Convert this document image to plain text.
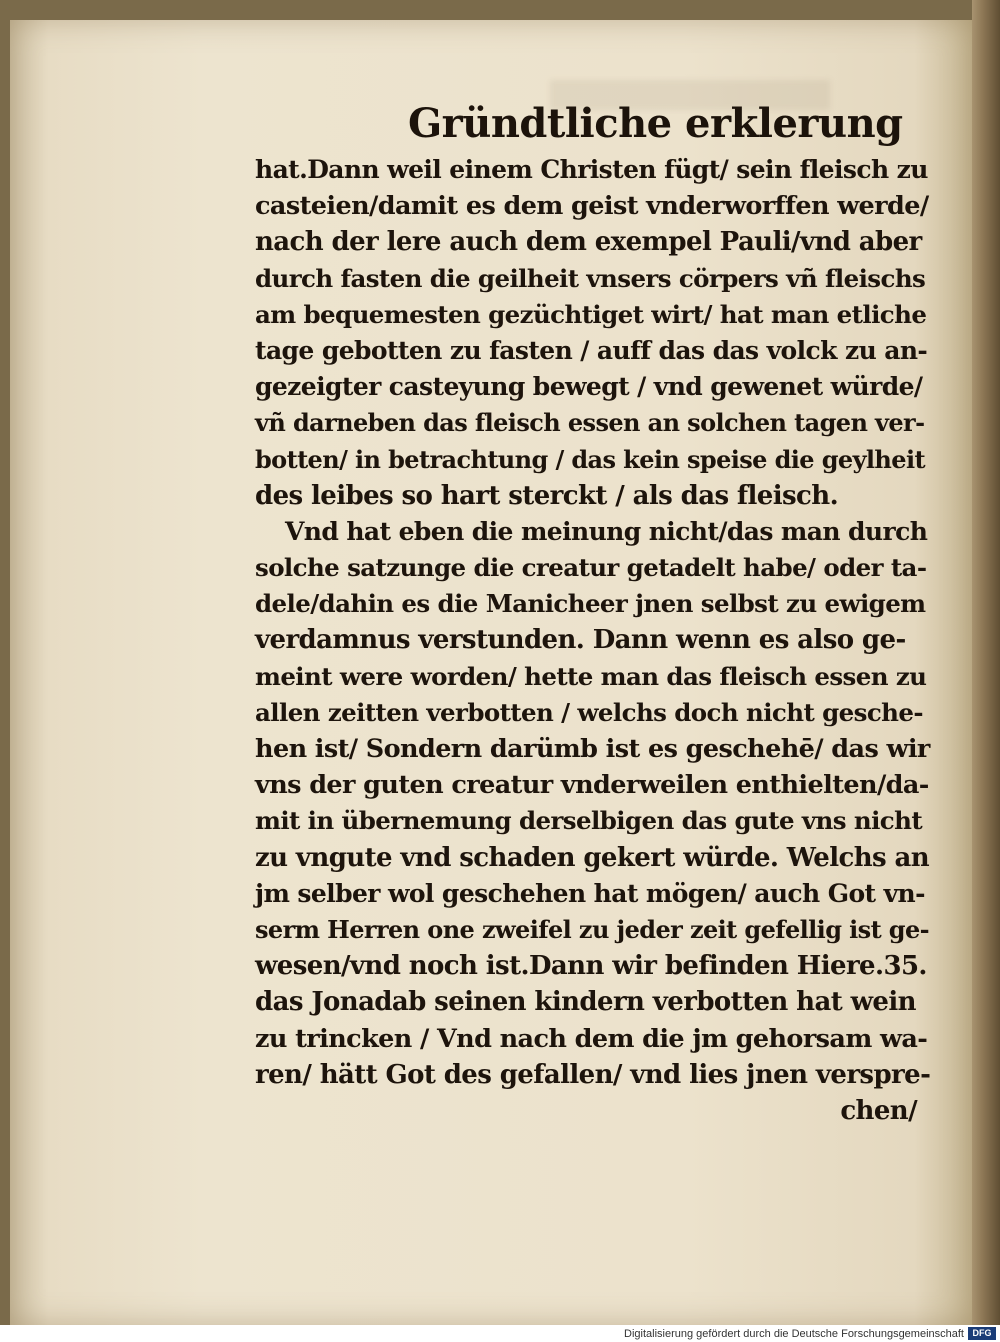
Gründtliche erklerung
hat.Dann weil einem Christen fügt/ sein fleisch zu
casteien/damit es dem geist vnderworffen werde/
nach der lere auch dem exempel Pauli/vnd aber
durch fasten die geilheit vnsers cörpers vñ fleischs
am bequemesten gezüchtiget wirt/ hat man etliche
tage gebotten zu fasten / auff das das volck zu an-
gezeigter casteyung bewegt / vnd gewenet würde/
vñ darneben das fleisch essen an solchen tagen ver-
botten/ in betrachtung / das kein speise die geylheit
des leibes so hart sterckt / als das fleisch.
Vnd hat eben die meinung nicht/das man durch
solche satzunge die creatur getadelt habe/ oder ta-
dele/dahin es die Manicheer jnen selbst zu ewigem
verdamnus verstunden. Dann wenn es also ge-
meint were worden/ hette man das fleisch essen zu
allen zeitten verbotten / welchs doch nicht gesche-
hen ist/ Sondern darümb ist es geschehē/ das wir
vns der guten creatur vnderweilen enthielten/da-
mit in übernemung derselbigen das gute vns nicht
zu vngute vnd schaden gekert würde. Welchs an
jm selber wol geschehen hat mögen/ auch Got vn-
serm Herren one zweifel zu jeder zeit gefellig ist ge-
wesen/vnd noch ist.Dann wir befinden Hiere.35.
das Jonadab seinen kindern verbotten hat wein
zu trincken / Vnd nach dem die jm gehorsam wa-
ren/ hätt Got des gefallen/ vnd lies jnen verspre-
chen/
Digitalisierung gefördert durch die Deutsche Forschungsgemeinschaft DFG
